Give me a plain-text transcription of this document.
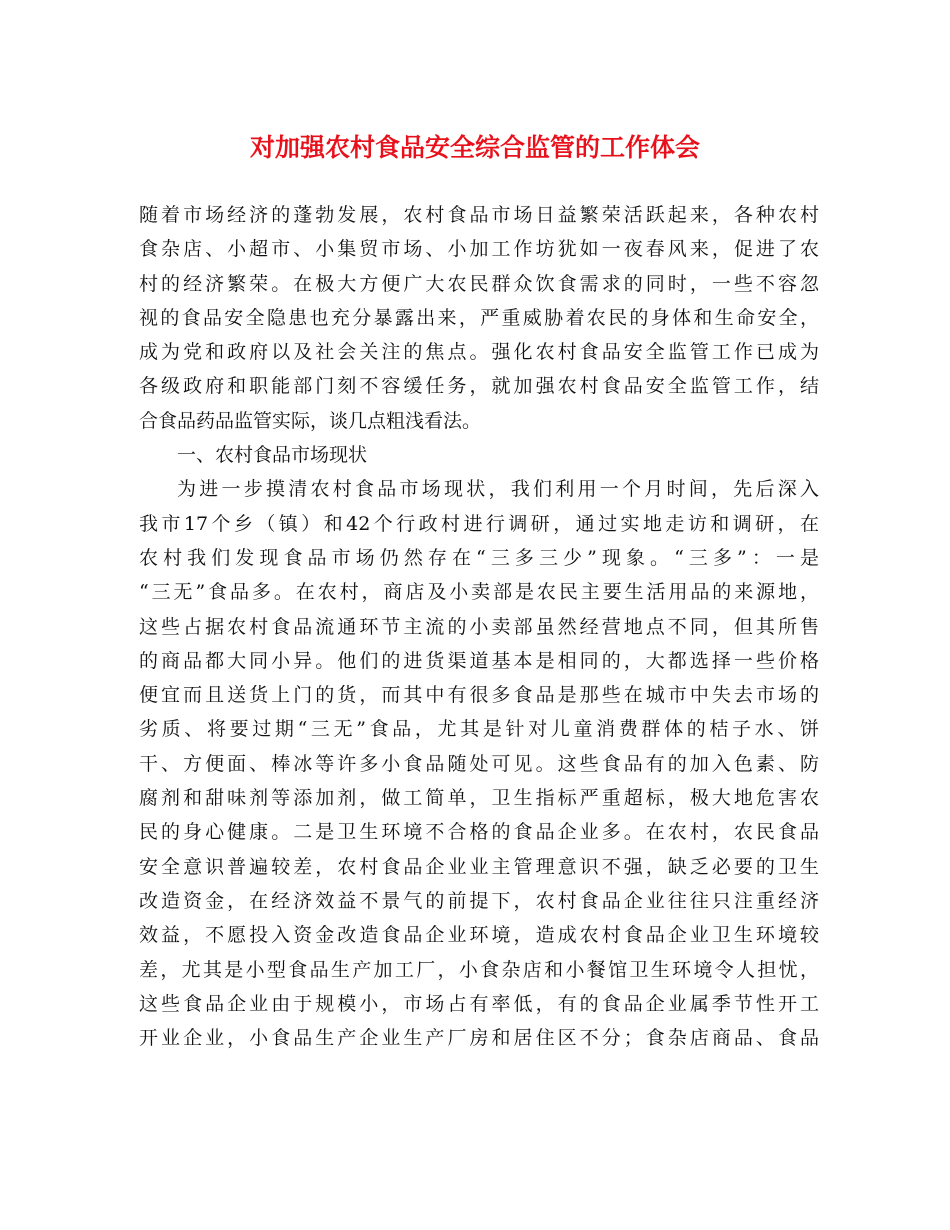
对加强农村食品安全综合监管的工作体会
随着市场经济的蓬勃发展，农村食品市场日益繁荣活跃起来，各种农村
食杂店、小超市、小集贸市场、小加工作坊犹如一夜春风来，促进了农
村的经济繁荣。在极大方便广大农民群众饮食需求的同时，一些不容忽
视的食品安全隐患也充分暴露出来，严重威胁着农民的身体和生命安全，
成为党和政府以及社会关注的焦点。强化农村食品安全监管工作已成为
各级政府和职能部门刻不容缓任务，就加强农村食品安全监管工作，结
合食品药品监管实际，谈几点粗浅看法。
一、农村食品市场现状
为进一步摸清农村食品市场现状，我们利用一个月时间，先后深入
我市17个乡（镇）和42个行政村进行调研，通过实地走访和调研，在
农村我们发现食品市场仍然存在“三多三少”现象。“三多”：一是
“三无”食品多。在农村，商店及小卖部是农民主要生活用品的来源地，
这些占据农村食品流通环节主流的小卖部虽然经营地点不同，但其所售
的商品都大同小异。他们的进货渠道基本是相同的，大都选择一些价格
便宜而且送货上门的货，而其中有很多食品是那些在城市中失去市场的
劣质、将要过期“三无”食品，尤其是针对儿童消费群体的桔子水、饼
干、方便面、棒冰等许多小食品随处可见。这些食品有的加入色素、防
腐剂和甜味剂等添加剂，做工简单，卫生指标严重超标，极大地危害农
民的身心健康。二是卫生环境不合格的食品企业多。在农村，农民食品
安全意识普遍较差，农村食品企业业主管理意识不强，缺乏必要的卫生
改造资金，在经济效益不景气的前提下，农村食品企业往往只注重经济
效益，不愿投入资金改造食品企业环境，造成农村食品企业卫生环境较
差，尤其是小型食品生产加工厂，小食杂店和小餐馆卫生环境令人担忧，
这些食品企业由于规模小，市场占有率低，有的食品企业属季节性开工
开业企业，小食品生产企业生产厂房和居住区不分；食杂店商品、食品
